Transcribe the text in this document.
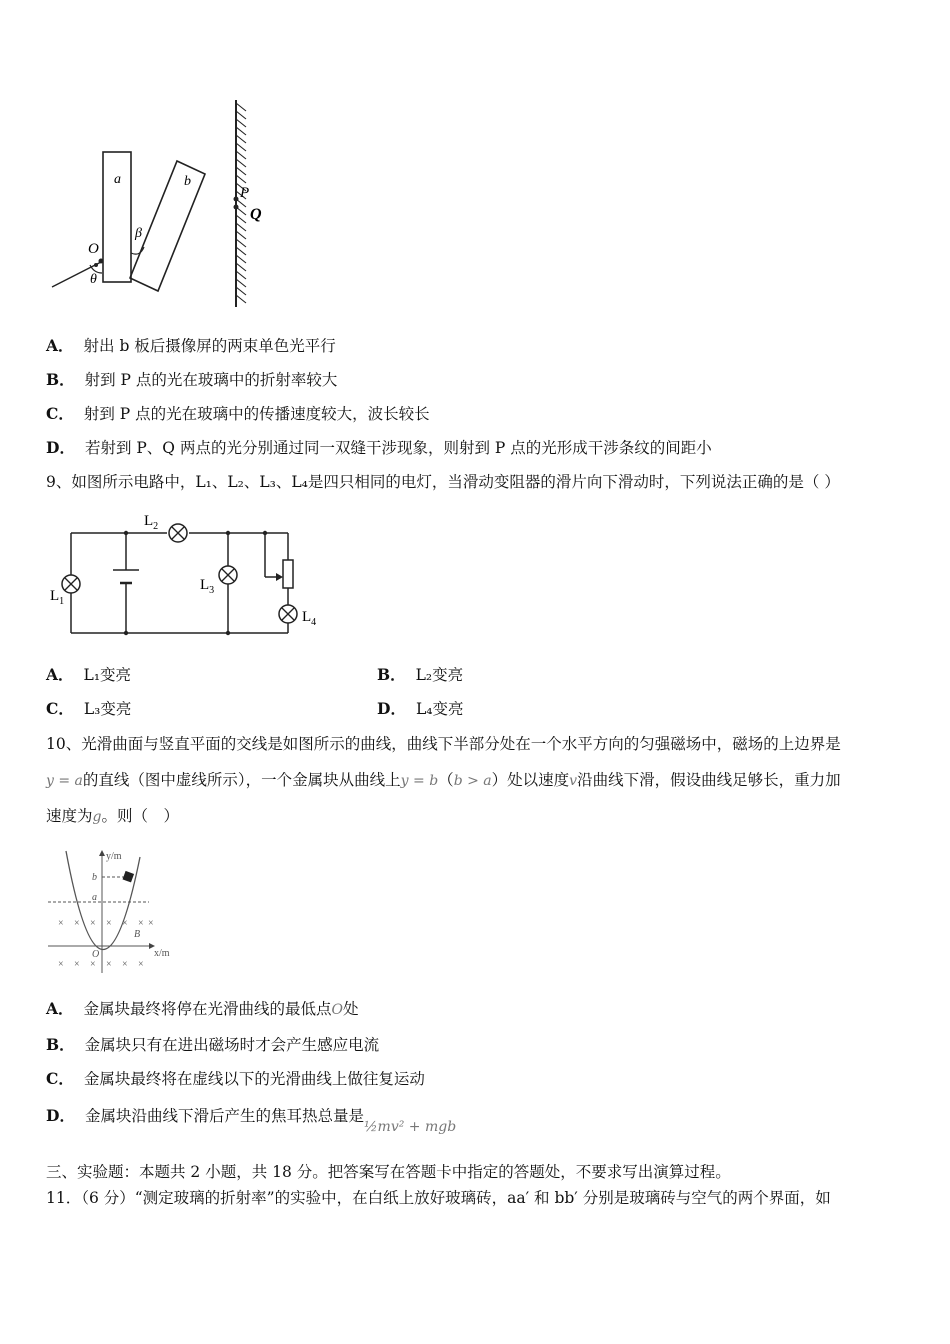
a	b
β
O
θ
P
Q
A． 射出 b 板后摄像屏的两束单色光平行
B． 射到 P 点的光在玻璃中的折射率较大
C． 射到 P 点的光在玻璃中的传播速度较大，波长较长
D． 若射到 P、Q 两点的光分别通过同一双缝干涉现象，则射到 P 点的光形成干涉条纹的间距小
9、如图所示电路中，L₁、L₂、L₃、L₄是四只相同的电灯，当滑动变阻器的滑片向下滑动时，下列说法正确的是（ ）
$L_1$
$L_2$
$L_3$
$L_4$
A． L₁变亮	B． L₂变亮
C． L₃变亮	D． L₄变亮
10、光滑曲面与竖直平面的交线是如图所示的曲线，曲线下半部分处在一个水平方向的匀强磁场中，磁场的上边界是
y = a的直线（图中虚线所示），一个金属块从曲线上y = b（b > a）处以速度v沿曲线下滑，假设曲线足够长，重力加
速度为g。则（　）
y/m
x/m
b
a
O
B
× × × × × × ×
× × × × × ×
A． 金属块最终将停在光滑曲线的最低点O处
B． 金属块只有在进出磁场时才会产生感应电流
C． 金属块最终将在虚线以下的光滑曲线上做往复运动
D． 金属块沿曲线下滑后产生的焦耳热总量是½mv² + mgb
三、实验题：本题共 2 小题，共 18 分。把答案写在答题卡中指定的答题处，不要求写出演算过程。
11．（6 分）“测定玻璃的折射率”的实验中，在白纸上放好玻璃砖，aa′ 和 bb′ 分别是玻璃砖与空气的两个界面，如
